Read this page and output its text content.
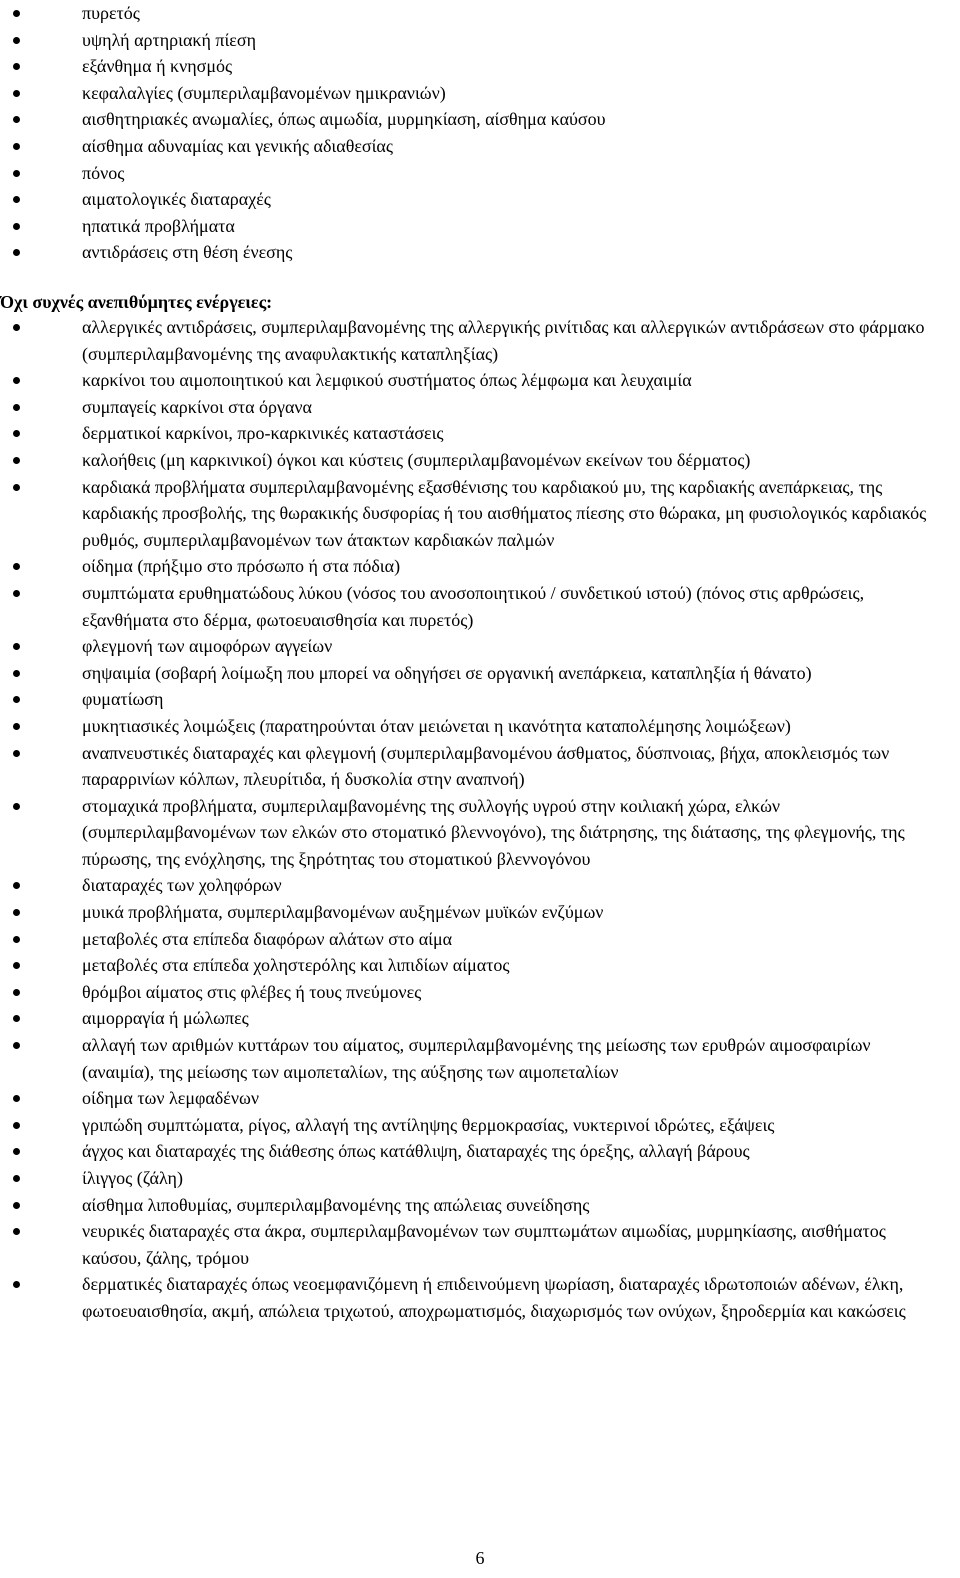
πυρετός
υψηλή αρτηριακή πίεση
εξάνθημα ή κνησμός
κεφαλαλγίες (συμπεριλαμβανομένων ημικρανιών)
αισθητηριακές ανωμαλίες, όπως αιμωδία, μυρμηκίαση, αίσθημα καύσου
αίσθημα αδυναμίας και γενικής αδιαθεσίας
πόνος
αιματολογικές διαταραχές
ηπατικά προβλήματα
αντιδράσεις στη θέση ένεσης
Όχι συχνές ανεπιθύμητες ενέργειες:
αλλεργικές αντιδράσεις, συμπεριλαμβανομένης της αλλεργικής ρινίτιδας και αλλεργικών αντιδράσεων στο φάρμακο (συμπεριλαμβανομένης της αναφυλακτικής καταπληξίας)
καρκίνοι του αιμοποιητικού και λεμφικού συστήματος όπως λέμφωμα και λευχαιμία
συμπαγείς καρκίνοι στα όργανα
δερματικοί καρκίνοι, προ-καρκινικές καταστάσεις
καλοήθεις (μη καρκινικοί) όγκοι και κύστεις (συμπεριλαμβανομένων εκείνων του δέρματος)
καρδιακά προβλήματα συμπεριλαμβανομένης εξασθένισης του καρδιακού μυ, της καρδιακής ανεπάρκειας, της καρδιακής προσβολής, της θωρακικής δυσφορίας ή του αισθήματος πίεσης στο θώρακα, μη φυσιολογικός καρδιακός ρυθμός, συμπεριλαμβανομένων των άτακτων καρδιακών παλμών
οίδημα (πρήξιμο στο πρόσωπο ή στα πόδια)
συμπτώματα ερυθηματώδους λύκου (νόσος του ανοσοποιητικού / συνδετικού ιστού) (πόνος στις αρθρώσεις, εξανθήματα στο δέρμα, φωτοευαισθησία και πυρετός)
φλεγμονή των αιμοφόρων αγγείων
σηψαιμία (σοβαρή λοίμωξη που μπορεί να οδηγήσει σε οργανική ανεπάρκεια, καταπληξία ή θάνατο)
φυματίωση
μυκητιασικές λοιμώξεις (παρατηρούνται όταν μειώνεται η ικανότητα καταπολέμησης λοιμώξεων)
αναπνευστικές διαταραχές και φλεγμονή (συμπεριλαμβανομένου άσθματος, δύσπνοιας, βήχα, αποκλεισμός των παραρρινίων κόλπων, πλευρίτιδα, ή δυσκολία στην αναπνοή)
στομαχικά προβλήματα, συμπεριλαμβανομένης της συλλογής υγρού στην κοιλιακή χώρα, ελκών (συμπεριλαμβανομένων των ελκών στο στοματικό βλεννογόνο), της διάτρησης, της διάτασης, της φλεγμονής, της πύρωσης, της ενόχλησης, της ξηρότητας του στοματικού βλεννογόνου
διαταραχές των χοληφόρων
μυικά προβλήματα, συμπεριλαμβανομένων αυξημένων μυϊκών ενζύμων
μεταβολές στα επίπεδα διαφόρων αλάτων στο αίμα
μεταβολές στα επίπεδα χοληστερόλης και λιπιδίων αίματος
θρόμβοι αίματος στις φλέβες ή τους πνεύμονες
αιμορραγία ή μώλωπες
αλλαγή των αριθμών κυττάρων του αίματος, συμπεριλαμβανομένης της μείωσης των ερυθρών αιμοσφαιρίων (αναιμία), της μείωσης των αιμοπεταλίων, της αύξησης των αιμοπεταλίων
οίδημα των λεμφαδένων
γριπώδη συμπτώματα, ρίγος, αλλαγή της αντίληψης θερμοκρασίας, νυκτερινοί ιδρώτες, εξάψεις
άγχος και διαταραχές της διάθεσης όπως κατάθλιψη, διαταραχές της όρεξης, αλλαγή βάρους
ίλιγγος (ζάλη)
αίσθημα λιποθυμίας, συμπεριλαμβανομένης της απώλειας συνείδησης
νευρικές διαταραχές στα άκρα, συμπεριλαμβανομένων των συμπτωμάτων αιμωδίας, μυρμηκίασης, αισθήματος καύσου, ζάλης, τρόμου
δερματικές διαταραχές όπως νεοεμφανιζόμενη ή επιδεινούμενη ψωρίαση, διαταραχές ιδρωτοποιών αδένων, έλκη, φωτοευαισθησία, ακμή, απώλεια τριχωτού, αποχρωματισμός, διαχωρισμός των ονύχων, ξηροδερμία και κακώσεις
6
